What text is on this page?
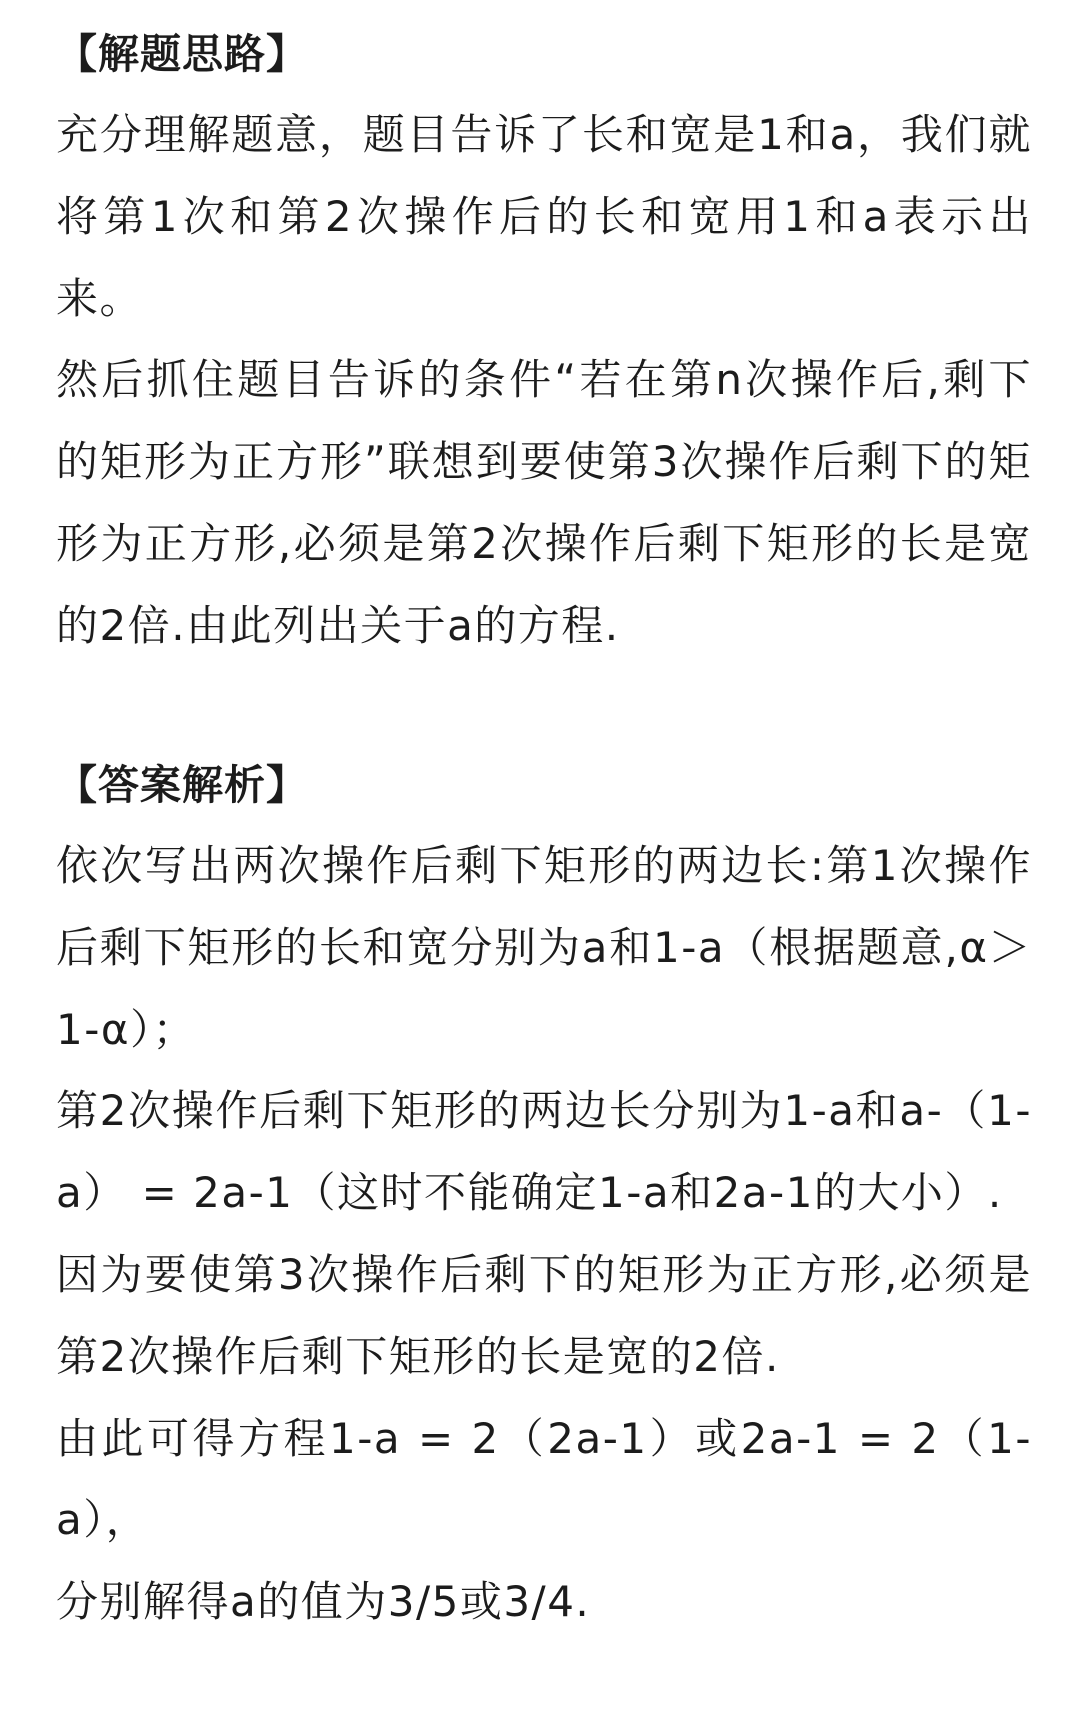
【解题思路】

充分理解题意，题目告诉了长和宽是1和a，我们就将第1次和第2次操作后的长和宽用1和a表示出来。

然后抓住题目告诉的条件“若在第n次操作后,剩下的矩形为正方形”联想到要使第3次操作后剩下的矩形为正方形,必须是第2次操作后剩下矩形的长是宽的2倍.由此列出关于a的方程.

【答案解析】

依次写出两次操作后剩下矩形的两边长:第1次操作后剩下矩形的长和宽分别为a和1-a（根据题意,α＞1-α）；

第2次操作后剩下矩形的两边长分别为1-a和a-（1-a） = 2a-1（这时不能确定1-a和2a-1的大小）.

因为要使第3次操作后剩下的矩形为正方形,必须是第2次操作后剩下矩形的长是宽的2倍.

由此可得方程1-a = 2（2a-1）或2a-1 = 2（1-a），

分别解得a的值为3/5或3/4.
